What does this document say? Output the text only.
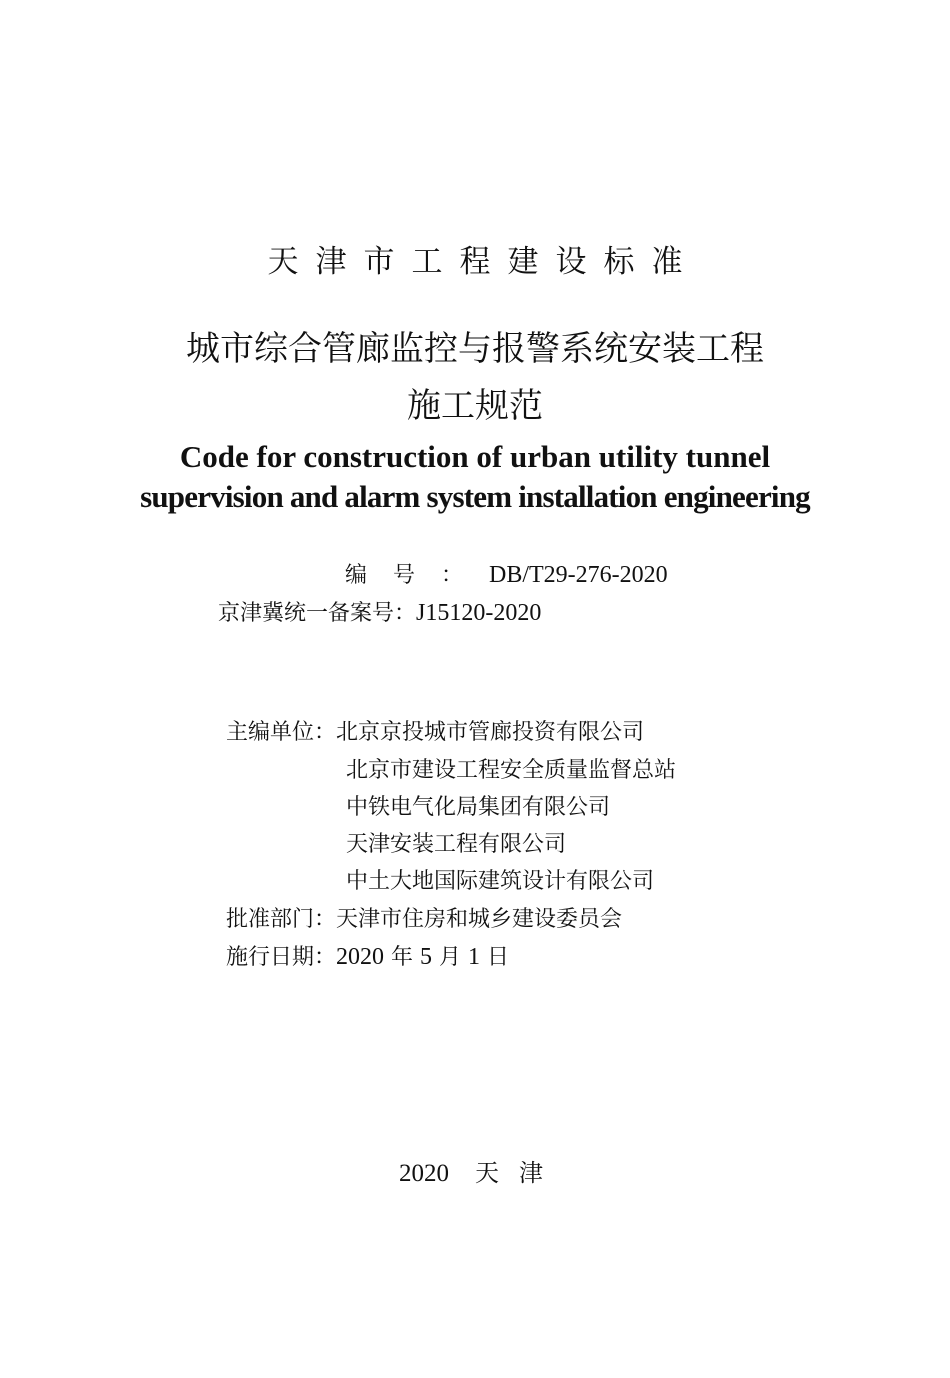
天津市工程建设标准
城市综合管廊监控与报警系统安装工程
施工规范
Code for construction of urban utility tunnel
supervision and alarm system installation engineering
编号：DB/T29-276-2020
京津冀统一备案号：J15120-2020
主编单位：北京京投城市管廊投资有限公司
北京市建设工程安全质量监督总站
中铁电气化局集团有限公司
天津安装工程有限公司
中土大地国际建筑设计有限公司
批准部门：天津市住房和城乡建设委员会
施行日期：2020 年 5 月 1 日
2020 天津
